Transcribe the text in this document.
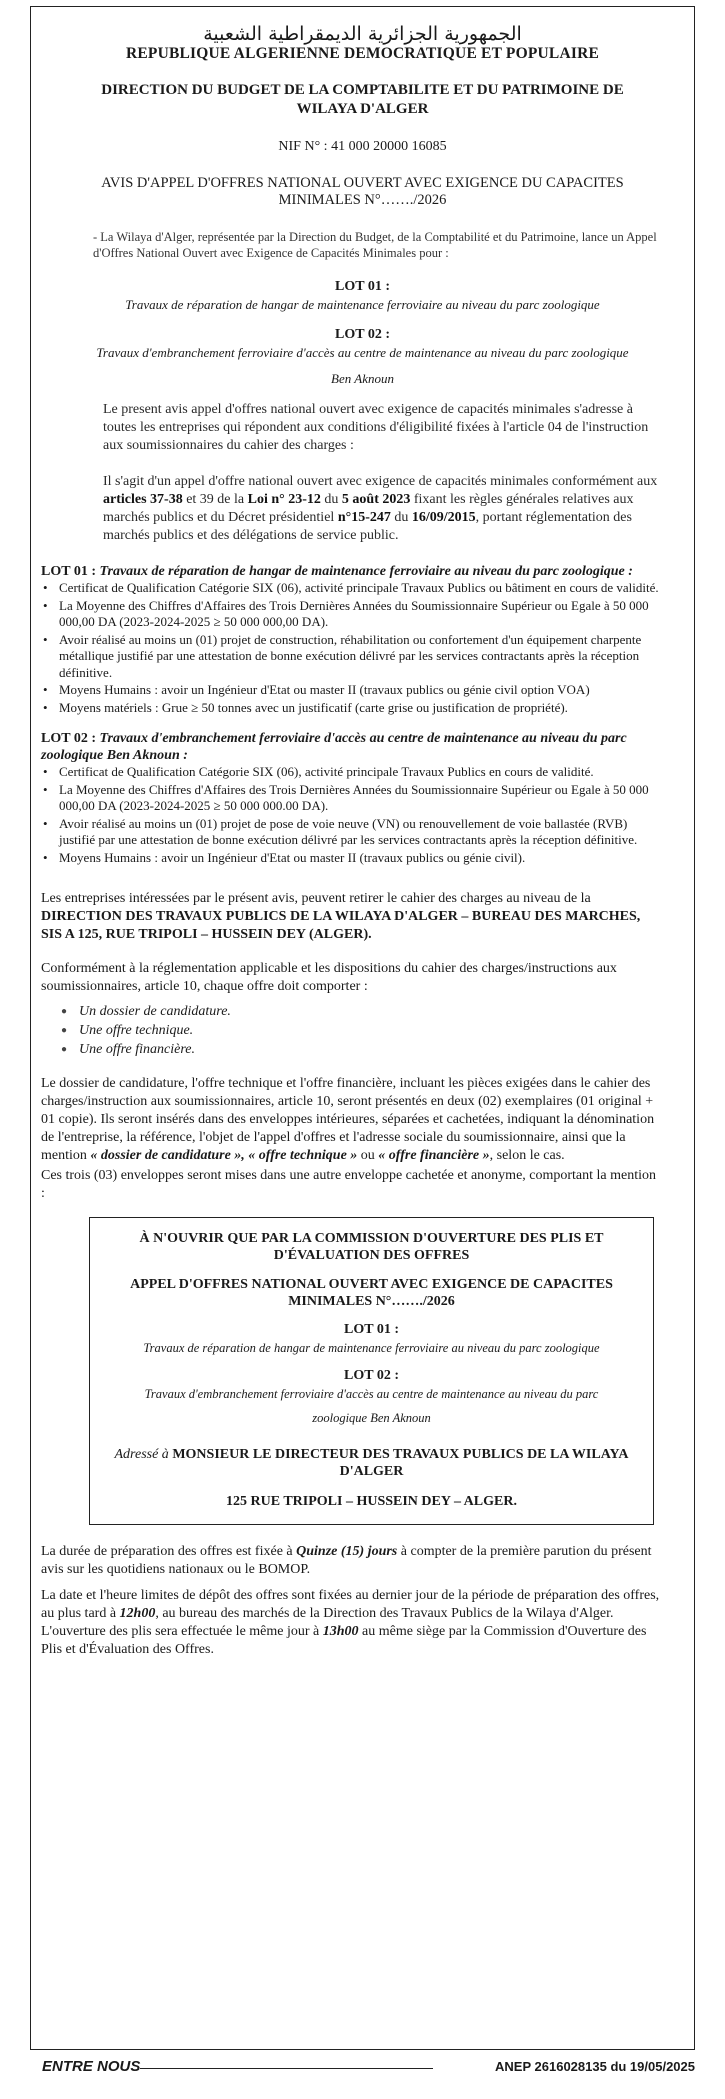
الجمهورية الجزائرية الديمقراطية الشعبية

REPUBLIQUE ALGERIENNE DEMOCRATIQUE ET POPULAIRE

DIRECTION DU BUDGET DE LA COMPTABILITE ET DU PATRIMOINE DE
WILAYA D'ALGER

NIF N° : 41 000 20000 16085

AVIS D'APPEL D'OFFRES NATIONAL OUVERT AVEC EXIGENCE DU CAPACITES
MINIMALES N°……./2026

- La Wilaya d'Alger, représentée par la Direction du Budget, de la Comptabilité et du Patrimoine, lance un Appel d'Offres National Ouvert avec Exigence de Capacités Minimales pour :

LOT 01 :

Travaux de réparation de hangar de maintenance ferroviaire au niveau du parc zoologique

LOT 02 :

Travaux d'embranchement ferroviaire d'accès au centre de maintenance au niveau du parc zoologique

Ben Aknoun

Le present avis appel d'offres national ouvert avec exigence de capacités minimales s'adresse à toutes les entreprises qui répondent aux conditions d'éligibilité fixées à l'article 04 de l'instruction aux soumissionnaires du cahier des charges :

Il s'agit d'un appel d'offre national ouvert avec exigence de capacités minimales conformément aux articles 37-38 et 39 de la Loi n° 23-12 du 5 août 2023 fixant les règles générales relatives aux marchés publics et du Décret présidentiel n°15-247 du 16/09/2015, portant réglementation des marchés publics et des délégations de service public.

LOT 01 : Travaux de réparation de hangar de maintenance ferroviaire au niveau du parc zoologique :

• Certificat de Qualification Catégorie SIX (06), activité principale Travaux Publics ou bâtiment en cours de validité.
• La Moyenne des Chiffres d'Affaires des Trois Dernières Années du Soumissionnaire Supérieur ou Egale à 50 000 000,00 DA (2023-2024-2025 ≥ 50 000 000,00 DA).
• Avoir réalisé au moins un (01) projet de construction, réhabilitation ou confortement d'un équipement charpente métallique justifié par une attestation de bonne exécution délivré par les services contractants après la réception définitive.
• Moyens Humains : avoir un Ingénieur d'Etat ou master II (travaux publics ou génie civil option VOA)
• Moyens matériels : Grue ≥ 50 tonnes avec un justificatif (carte grise ou justification de propriété).

LOT 02 : Travaux d'embranchement ferroviaire d'accès au centre de maintenance au niveau du parc zoologique Ben Aknoun :

• Certificat de Qualification Catégorie SIX (06), activité principale Travaux Publics en cours de validité.
• La Moyenne des Chiffres d'Affaires des Trois Dernières Années du Soumissionnaire Supérieur ou Egale à 50 000 000,00 DA (2023-2024-2025 ≥ 50 000 000.00 DA).
• Avoir réalisé au moins un (01) projet de pose de voie neuve (VN) ou renouvellement de voie ballastée (RVB) justifié par une attestation de bonne exécution délivré par les services contractants après la réception définitive.
• Moyens Humains : avoir un Ingénieur d'Etat ou master II (travaux publics ou génie civil).

Les entreprises intéressées par le présent avis, peuvent retirer le cahier des charges au niveau de la DIRECTION DES TRAVAUX PUBLICS DE LA WILAYA D'ALGER – BUREAU DES MARCHES, SIS A 125, RUE TRIPOLI – HUSSEIN DEY (ALGER).

Conformément à la réglementation applicable et les dispositions du cahier des charges/instructions aux soumissionnaires, article 10, chaque offre doit comporter :

● Un dossier de candidature.
● Une offre technique.
● Une offre financière.

Le dossier de candidature, l'offre technique et l'offre financière, incluant les pièces exigées dans le cahier des charges/instruction aux soumissionnaires, article 10, seront présentés en deux (02) exemplaires (01 original + 01 copie). Ils seront insérés dans des enveloppes intérieures, séparées et cachetées, indiquant la dénomination de l'entreprise, la référence, l'objet de l'appel d'offres et l'adresse sociale du soumissionnaire, ainsi que la mention « dossier de candidature », « offre technique » ou « offre financière », selon le cas.

Ces trois (03) enveloppes seront mises dans une autre enveloppe cachetée et anonyme, comportant la mention :

À N'OUVRIR QUE PAR LA COMMISSION D'OUVERTURE DES PLIS ET D'ÉVALUATION DES OFFRES

APPEL D'OFFRES NATIONAL OUVERT AVEC EXIGENCE DE CAPACITES MINIMALES N°……./2026

LOT 01 :

Travaux de réparation de hangar de maintenance ferroviaire au niveau du parc zoologique

LOT 02 :

Travaux d'embranchement ferroviaire d'accès au centre de maintenance au niveau du parc

zoologique Ben Aknoun

Adressé à MONSIEUR LE DIRECTEUR DES TRAVAUX PUBLICS DE LA WILAYA D'ALGER

125 RUE TRIPOLI – HUSSEIN DEY – ALGER.

La durée de préparation des offres est fixée à Quinze (15) jours à compter de la première parution du présent avis sur les quotidiens nationaux ou le BOMOP.

La date et l'heure limites de dépôt des offres sont fixées au dernier jour de la période de préparation des offres, au plus tard à 12h00, au bureau des marchés de la Direction des Travaux Publics de la Wilaya d'Alger. L'ouverture des plis sera effectuée le même jour à 13h00 au même siège par la Commission d'Ouverture des Plis et d'Évaluation des Offres.

ENTRE NOUS	ANEP 2616028135 du 19/05/2025
